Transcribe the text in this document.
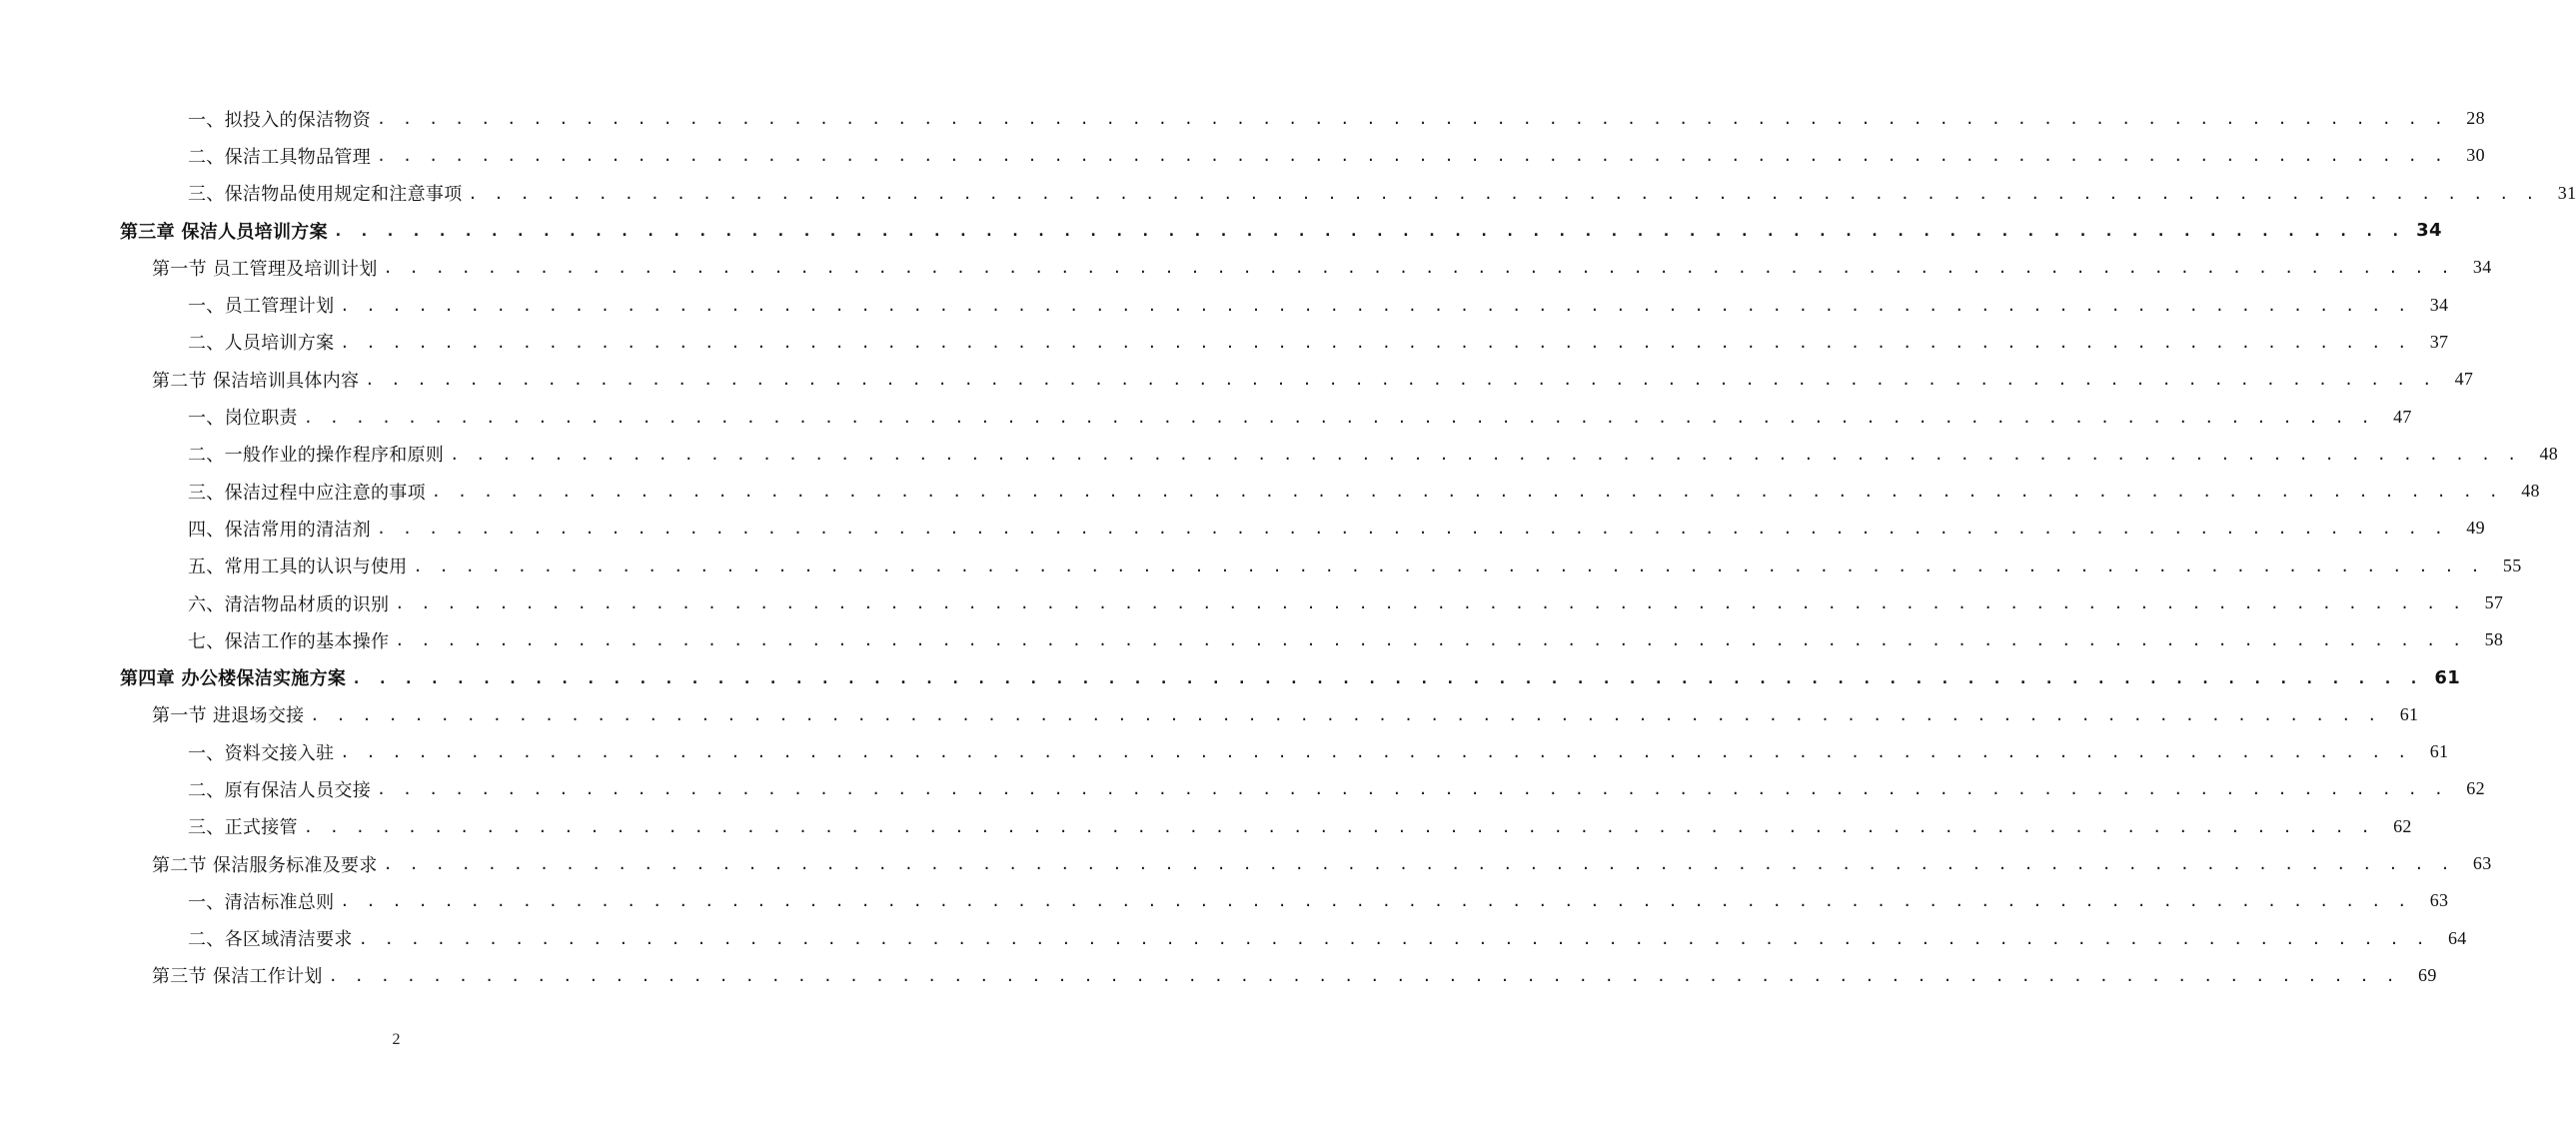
一、拟投入的保洁物资 . . . . . . . . . . . . . . . . . . . . . . . . . . . . . . . . . . . . . . . . . . . . . . . . . . . . . . . . . . . . . . . . . . . . . . . . . . . . . . . .	28
二、保洁工具物品管理 . . . . . . . . . . . . . . . . . . . . . . . . . . . . . . . . . . . . . . . . . . . . . . . . . . . . . . . . . . . . . . . . . . . . . . . . . . . . . . . .	30
三、保洁物品使用规定和注意事项 . . . . . . . . . . . . . . . . . . . . . . . . . . . . . . . . . . . . . . . . . . . . . . . . . . . . . . . . . . . . . . . . . . . . . . . . . . . . . . . .	31
第三章 保洁人员培训方案 . . . . . . . . . . . . . . . . . . . . . . . . . . . . . . . . . . . . . . . . . . . . . . . . . . . . . . . . . . . . . . . . . . . . . . . . . . . . . . . . 34
第一节 员工管理及培训计划 . . . . . . . . . . . . . . . . . . . . . . . . . . . . . . . . . . . . . . . . . . . . . . . . . . . . . . . . . . . . . . . . . . . . . . . . . . . . . . . .	34
一、员工管理计划 . . . . . . . . . . . . . . . . . . . . . . . . . . . . . . . . . . . . . . . . . . . . . . . . . . . . . . . . . . . . . . . . . . . . . . . . . . . . . . . .	34
二、人员培训方案 . . . . . . . . . . . . . . . . . . . . . . . . . . . . . . . . . . . . . . . . . . . . . . . . . . . . . . . . . . . . . . . . . . . . . . . . . . . . . . . .	37
第二节 保洁培训具体内容 . . . . . . . . . . . . . . . . . . . . . . . . . . . . . . . . . . . . . . . . . . . . . . . . . . . . . . . . . . . . . . . . . . . . . . . . . . . . . . . .	47
一、岗位职责 . . . . . . . . . . . . . . . . . . . . . . . . . . . . . . . . . . . . . . . . . . . . . . . . . . . . . . . . . . . . . . . . . . . . . . . . . . . . . . . .	47
二、一般作业的操作程序和原则 . . . . . . . . . . . . . . . . . . . . . . . . . . . . . . . . . . . . . . . . . . . . . . . . . . . . . . . . . . . . . . . . . . . . . . . . . . . . . . . .	48
三、保洁过程中应注意的事项 . . . . . . . . . . . . . . . . . . . . . . . . . . . . . . . . . . . . . . . . . . . . . . . . . . . . . . . . . . . . . . . . . . . . . . . . . . . . . . . .	48
四、保洁常用的清洁剂 . . . . . . . . . . . . . . . . . . . . . . . . . . . . . . . . . . . . . . . . . . . . . . . . . . . . . . . . . . . . . . . . . . . . . . . . . . . . . . . .	49
五、常用工具的认识与使用 . . . . . . . . . . . . . . . . . . . . . . . . . . . . . . . . . . . . . . . . . . . . . . . . . . . . . . . . . . . . . . . . . . . . . . . . . . . . . . . .	55
六、清洁物品材质的识别 . . . . . . . . . . . . . . . . . . . . . . . . . . . . . . . . . . . . . . . . . . . . . . . . . . . . . . . . . . . . . . . . . . . . . . . . . . . . . . . .	57
七、保洁工作的基本操作 . . . . . . . . . . . . . . . . . . . . . . . . . . . . . . . . . . . . . . . . . . . . . . . . . . . . . . . . . . . . . . . . . . . . . . . . . . . . . . . .	58
第四章 办公楼保洁实施方案 . . . . . . . . . . . . . . . . . . . . . . . . . . . . . . . . . . . . . . . . . . . . . . . . . . . . . . . . . . . . . . . . . . . . . . . . . . . . . . . . 61
第一节 进退场交接 . . . . . . . . . . . . . . . . . . . . . . . . . . . . . . . . . . . . . . . . . . . . . . . . . . . . . . . . . . . . . . . . . . . . . . . . . . . . . . . .	61
一、资料交接入驻 . . . . . . . . . . . . . . . . . . . . . . . . . . . . . . . . . . . . . . . . . . . . . . . . . . . . . . . . . . . . . . . . . . . . . . . . . . . . . . . .	61
二、原有保洁人员交接 . . . . . . . . . . . . . . . . . . . . . . . . . . . . . . . . . . . . . . . . . . . . . . . . . . . . . . . . . . . . . . . . . . . . . . . . . . . . . . . .	62
三、正式接管 . . . . . . . . . . . . . . . . . . . . . . . . . . . . . . . . . . . . . . . . . . . . . . . . . . . . . . . . . . . . . . . . . . . . . . . . . . . . . . . .	62
第二节 保洁服务标准及要求 . . . . . . . . . . . . . . . . . . . . . . . . . . . . . . . . . . . . . . . . . . . . . . . . . . . . . . . . . . . . . . . . . . . . . . . . . . . . . . . .	63
一、清洁标准总则 . . . . . . . . . . . . . . . . . . . . . . . . . . . . . . . . . . . . . . . . . . . . . . . . . . . . . . . . . . . . . . . . . . . . . . . . . . . . . . . .	63
二、各区域清洁要求 . . . . . . . . . . . . . . . . . . . . . . . . . . . . . . . . . . . . . . . . . . . . . . . . . . . . . . . . . . . . . . . . . . . . . . . . . . . . . . . .	64
第三节 保洁工作计划 . . . . . . . . . . . . . . . . . . . . . . . . . . . . . . . . . . . . . . . . . . . . . . . . . . . . . . . . . . . . . . . . . . . . . . . . . . . . . . . .	69
2
